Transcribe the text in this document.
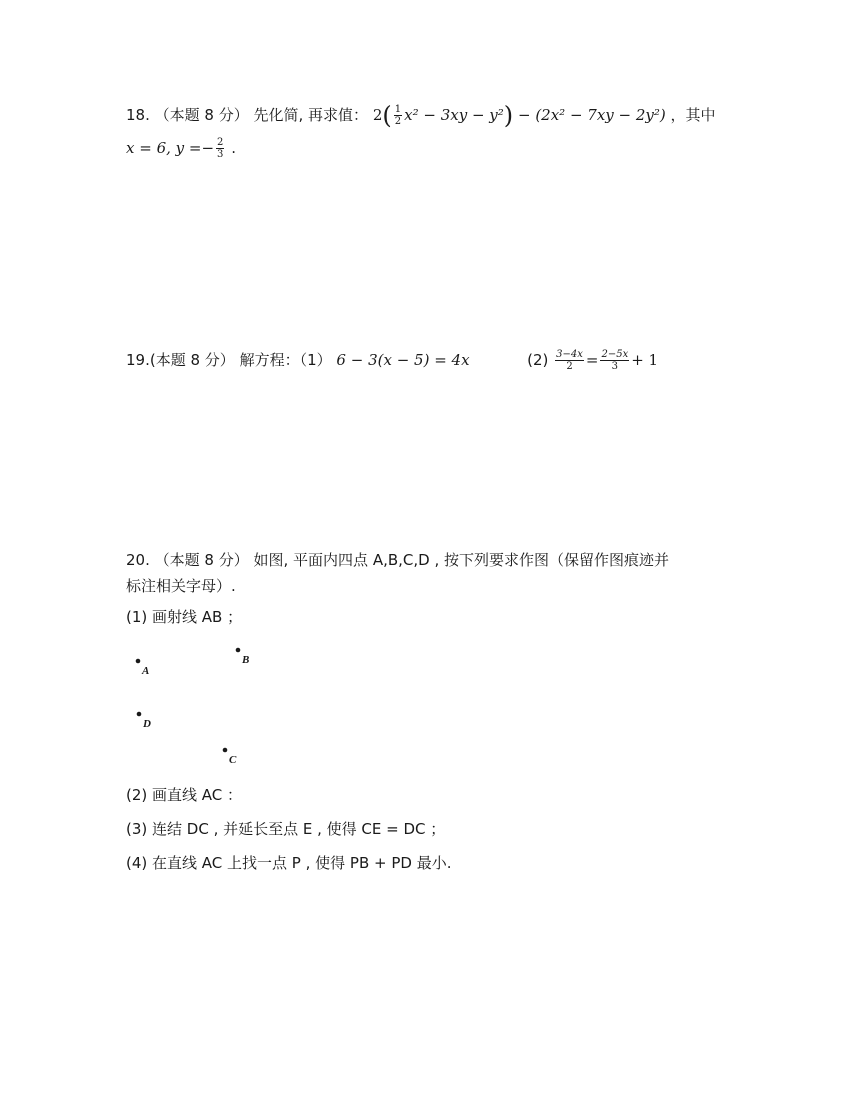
18. （本题 8 分） 先化简, 再求值： $2( \frac{1}{2} x^2 - 3xy - y^2) - (2x^2 - 7xy - 2y^2)$ ，其中
x = 6, $y =- \frac{2}{3}$ .
19.(本题 8 分） 解方程：（1） 6 − 3(x − 5) = 4x	$(2) \frac{3-4x}{2} = \frac{2-5x}{3} + 1$
20. （本题 8 分） 如图, 平面内四点 A,B,C,D , 按下列要求作图（保留作图痕迹并
标注相关字母）.
(1) 画射线 AB ；
A
B
D
C
(2) 画直线 AC ：
(3) 连结 DC , 并延长至点 E , 使得 CE = DC ；
(4) 在直线 AC 上找一点 P , 使得 PB + PD 最小.
